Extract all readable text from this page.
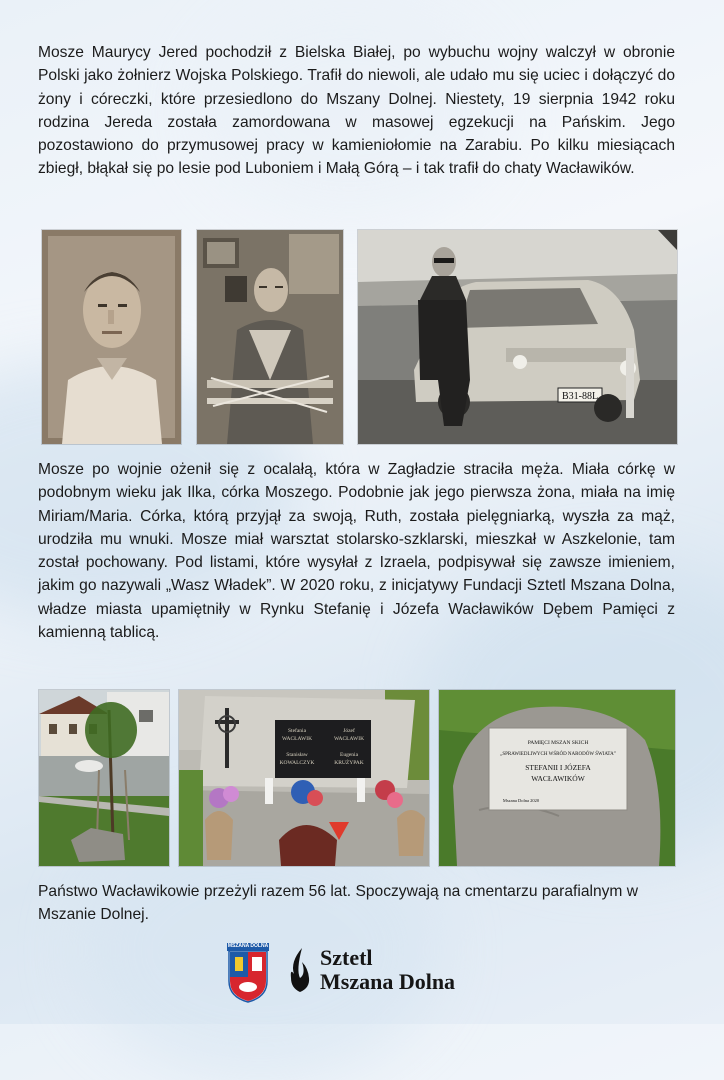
Mosze Maurycy Jered pochodził z Bielska Białej, po wybuchu wojny walczył w obronie Polski jako żołnierz Wojska Polskiego. Trafił do niewoli, ale udało mu się uciec i dołączyć do żony i córeczki, które przesiedlono do Mszany Dolnej. Niestety, 19 sierpnia 1942 roku rodzina Jereda została zamordowana w masowej egzekucji na Pańskim. Jego pozostawiono do przymusowej pracy w kamieniołomie na Zarabiu. Po kilku miesiącach zbiegł, błąkał się po lesie pod Luboniem i Małą Górą – i tak trafił do chaty Wacławików.

B31-88L

Mosze po wojnie ożenił się z ocalałą, która w Zagładzie straciła męża. Miała córkę w podobnym wieku jak Ilka, córka Moszego. Podobnie jak jego pierwsza żona, miała na imię Miriam/Maria. Córka, którą przyjął za swoją, Ruth, została pielęgniarką, wyszła za mąż, urodziła mu wnuki. Mosze miał warsztat stolarsko-szklarski, mieszkał w Aszkelonie, tam został pochowany. Pod listami, które wysyłał z Izraela, podpisywał się zawsze imieniem, jakim go nazywali „Wasz Władek”. W 2020 roku, z inicjatywy Fundacji Sztetl Mszana Dolna, władze miasta upamiętniły w Rynku Stefanię i Józefa Wacławików Dębem Pamięci z kamienną tablicą.

Stefania
WACŁAWIK
Stanisław
KOWALCZYK
Józef
WACŁAWIK
Eugenia
KRUŻYPAK
PAMIĘCI MSZAN SKICH
„SPRAWIEDLIWYCH WŚRÓD NARODÓW ŚWIATA”
STEFANII I JÓZEFA
WACŁAWIKÓW
Mszana Dolna 2020

Państwo Wacławikowie przeżyli razem 56 lat. Spoczywają na cmentarzu parafialnym w Mszanie Dolnej.

MSZANA DOLNA Sztetl
Mszana Dolna
